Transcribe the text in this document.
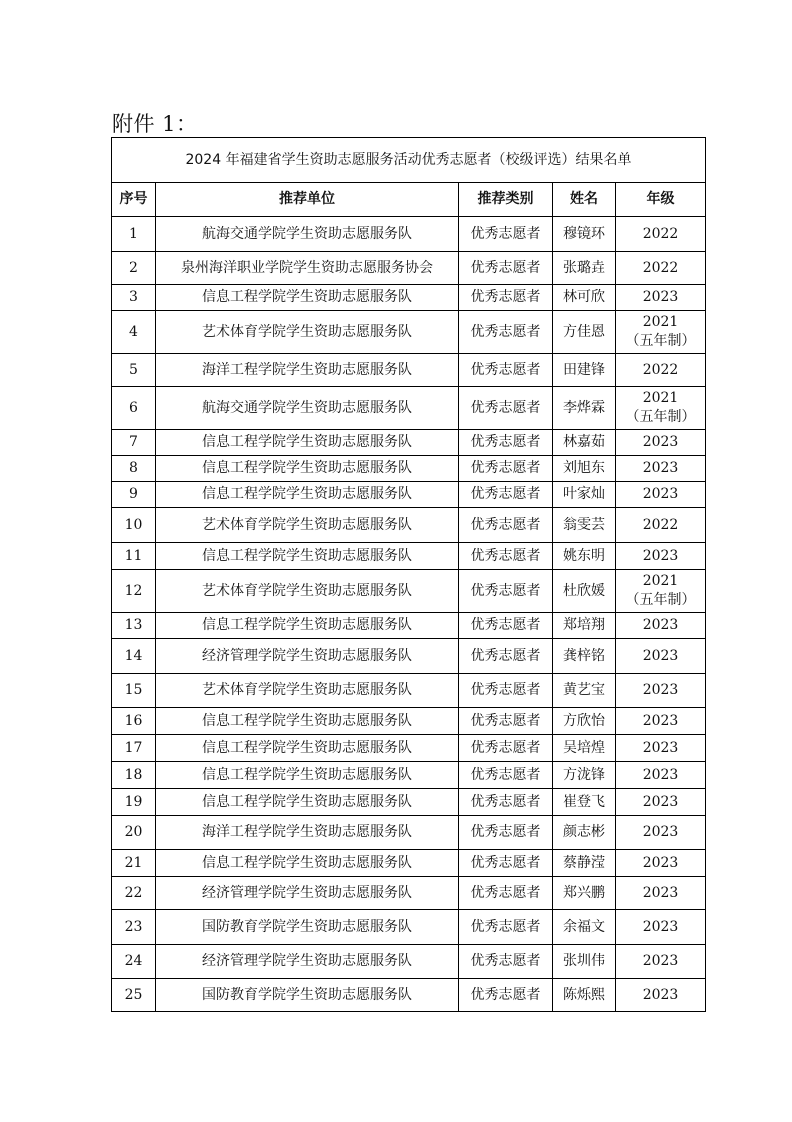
附件 1：
2024 年福建省学生资助志愿服务活动优秀志愿者（校级评选）结果名单				
序号	推荐单位	推荐类别	姓名	年级
1	航海交通学院学生资助志愿服务队	优秀志愿者	穆镜环	2022
2	泉州海洋职业学院学生资助志愿服务协会	优秀志愿者	张璐垚	2022
3	信息工程学院学生资助志愿服务队	优秀志愿者	林可欣	2023
4	艺术体育学院学生资助志愿服务队	优秀志愿者	方佳恩	2021
（五年制）
5	海洋工程学院学生资助志愿服务队	优秀志愿者	田建锋	2022
6	航海交通学院学生资助志愿服务队	优秀志愿者	李烨霖	2021
（五年制）
7	信息工程学院学生资助志愿服务队	优秀志愿者	林嘉茹	2023
8	信息工程学院学生资助志愿服务队	优秀志愿者	刘旭东	2023
9	信息工程学院学生资助志愿服务队	优秀志愿者	叶家灿	2023
10	艺术体育学院学生资助志愿服务队	优秀志愿者	翁雯芸	2022
11	信息工程学院学生资助志愿服务队	优秀志愿者	姚东明	2023
12	艺术体育学院学生资助志愿服务队	优秀志愿者	杜欣媛	2021
（五年制）
13	信息工程学院学生资助志愿服务队	优秀志愿者	郑培翔	2023
14	经济管理学院学生资助志愿服务队	优秀志愿者	龚梓铭	2023
15	艺术体育学院学生资助志愿服务队	优秀志愿者	黄艺宝	2023
16	信息工程学院学生资助志愿服务队	优秀志愿者	方欣怡	2023
17	信息工程学院学生资助志愿服务队	优秀志愿者	吴培煌	2023
18	信息工程学院学生资助志愿服务队	优秀志愿者	方泷锋	2023
19	信息工程学院学生资助志愿服务队	优秀志愿者	崔登飞	2023
20	海洋工程学院学生资助志愿服务队	优秀志愿者	颜志彬	2023
21	信息工程学院学生资助志愿服务队	优秀志愿者	蔡静滢	2023
22	经济管理学院学生资助志愿服务队	优秀志愿者	郑兴鹏	2023
23	国防教育学院学生资助志愿服务队	优秀志愿者	余福文	2023
24	经济管理学院学生资助志愿服务队	优秀志愿者	张圳伟	2023
25	国防教育学院学生资助志愿服务队	优秀志愿者	陈烁熙	2023
